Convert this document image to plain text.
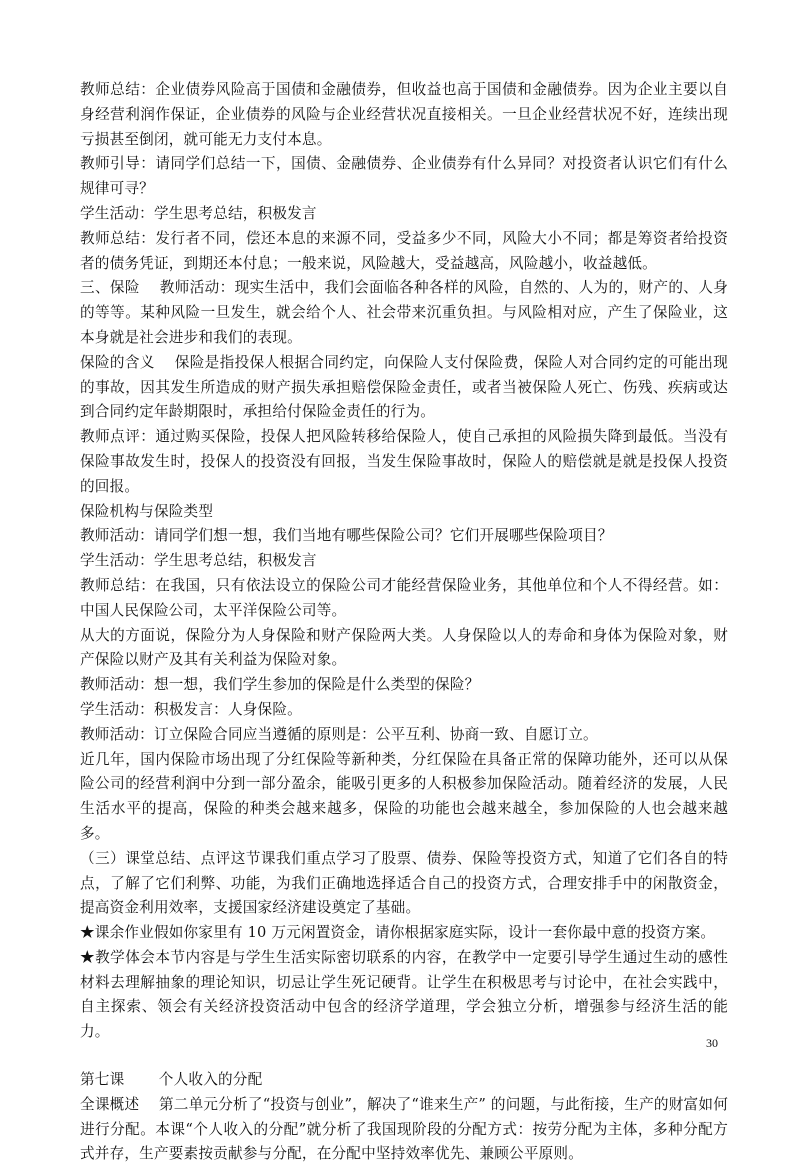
教师总结：企业债券风险高于国债和金融债券，但收益也高于国债和金融债券。因为企业主要以自身经营利润作保证，企业债券的风险与企业经营状况直接相关。一旦企业经营状况不好，连续出现亏损甚至倒闭，就可能无力支付本息。

教师引导：请同学们总结一下，国债、金融债券、企业债券有什么异同？对投资者认识它们有什么规律可寻？

学生活动：学生思考总结，积极发言

教师总结：发行者不同，偿还本息的来源不同，受益多少不同，风险大小不同；都是筹资者给投资者的债务凭证，到期还本付息；一般来说，风险越大，受益越高，风险越小，收益越低。

三、保险 　教师活动：现实生活中，我们会面临各种各样的风险，自然的、人为的，财产的、人身的等等。某种风险一旦发生，就会给个人、社会带来沉重负担。与风险相对应，产生了保险业，这本身就是社会进步和我们的表现。

保险的含义 　保险是指投保人根据合同约定，向保险人支付保险费，保险人对合同约定的可能出现的事故，因其发生所造成的财产损失承担赔偿保险金责任，或者当被保险人死亡、伤残、疾病或达到合同约定年龄期限时，承担给付保险金责任的行为。

教师点评：通过购买保险，投保人把风险转移给保险人，使自己承担的风险损失降到最低。当没有保险事故发生时，投保人的投资没有回报，当发生保险事故时，保险人的赔偿就是就是投保人投资的回报。

保险机构与保险类型

教师活动：请同学们想一想，我们当地有哪些保险公司？它们开展哪些保险项目？

学生活动：学生思考总结，积极发言

教师总结：在我国，只有依法设立的保险公司才能经营保险业务，其他单位和个人不得经营。如：中国人民保险公司，太平洋保险公司等。

从大的方面说，保险分为人身保险和财产保险两大类。人身保险以人的寿命和身体为保险对象，财产保险以财产及其有关利益为保险对象。

教师活动：想一想，我们学生参加的保险是什么类型的保险？

学生活动：积极发言：人身保险。

教师活动：订立保险合同应当遵循的原则是：公平互利、协商一致、自愿订立。

近几年，国内保险市场出现了分红保险等新种类，分红保险在具备正常的保障功能外，还可以从保险公司的经营利润中分到一部分盈余，能吸引更多的人积极参加保险活动。随着经济的发展，人民生活水平的提高，保险的种类会越来越多，保险的功能也会越来越全，参加保险的人也会越来越多。

（三）课堂总结、点评这节课我们重点学习了股票、债券、保险等投资方式，知道了它们各自的特点，了解了它们利弊、功能，为我们正确地选择适合自己的投资方式，合理安排手中的闲散资金，提高资金利用效率，支援国家经济建设奠定了基础。

★课余作业假如你家里有 10 万元闲置资金，请你根据家庭实际，设计一套你最中意的投资方案。

★教学体会本节内容是与学生生活实际密切联系的内容，在教学中一定要引导学生通过生动的感性材料去理解抽象的理论知识，切忌让学生死记硬背。让学生在积极思考与讨论中，在社会实践中，自主探索、领会有关经济投资活动中包含的经济学道理，学会独立分析，增强参与经济生活的能力。

第七课 　　个人收入的分配

全课概述 　第二单元分析了“投资与创业”，解决了“谁来生产” 的问题，与此衔接，生产的财富如何进行分配。本课“个人收入的分配”就分析了我国现阶段的分配方式：按劳分配为主体，多种分配方式并存，生产要素按贡献参与分配，在分配中坚持效率优先、兼顾公平原则。

30
